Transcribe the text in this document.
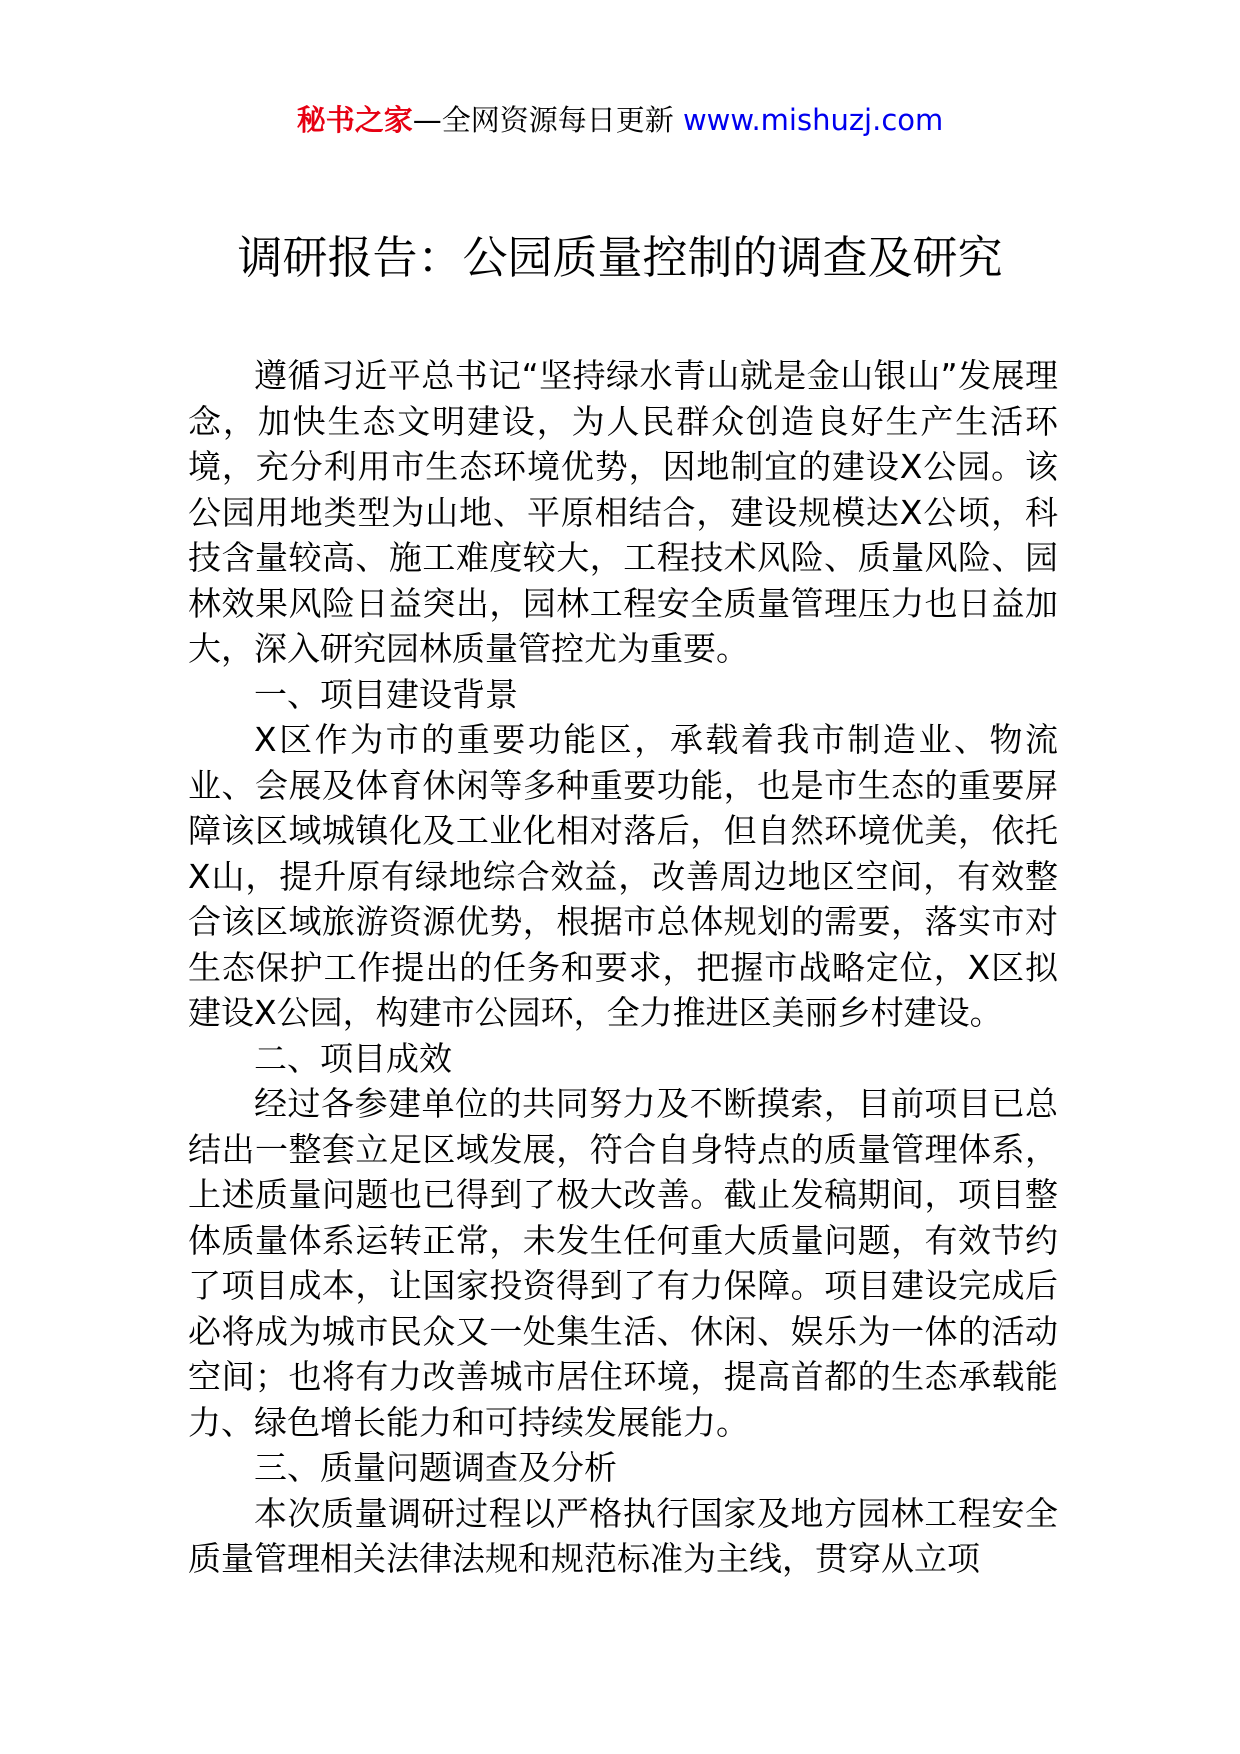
秘书之家—全网资源每日更新 www.mishuzj.com
调研报告：公园质量控制的调查及研究

遵循习近平总书记“坚持绿水青山就是金山银山”发展理念，加快生态文明建设，为人民群众创造良好生产生活环境，充分利用市生态环境优势，因地制宜的建设X公园。该公园用地类型为山地、平原相结合，建设规模达X公顷，科技含量较高、施工难度较大，工程技术风险、质量风险、园林效果风险日益突出，园林工程安全质量管理压力也日益加大，深入研究园林质量管控尤为重要。

一、项目建设背景

X区作为市的重要功能区，承载着我市制造业、物流业、会展及体育休闲等多种重要功能，也是市生态的重要屏障该区域城镇化及工业化相对落后，但自然环境优美，依托X山，提升原有绿地综合效益，改善周边地区空间，有效整合该区域旅游资源优势，根据市总体规划的需要，落实市对生态保护工作提出的任务和要求，把握市战略定位，X区拟建设X公园，构建市公园环，全力推进区美丽乡村建设。

二、项目成效

经过各参建单位的共同努力及不断摸索，目前项目已总结出一整套立足区域发展，符合自身特点的质量管理体系，上述质量问题也已得到了极大改善。截止发稿期间，项目整体质量体系运转正常，未发生任何重大质量问题，有效节约了项目成本，让国家投资得到了有力保障。项目建设完成后必将成为城市民众又一处集生活、休闲、娱乐为一体的活动空间；也将有力改善城市居住环境，提高首都的生态承载能力、绿色增长能力和可持续发展能力。

三、质量问题调查及分析

本次质量调研过程以严格执行国家及地方园林工程安全质量管理相关法律法规和规范标准为主线，贯穿从立项
